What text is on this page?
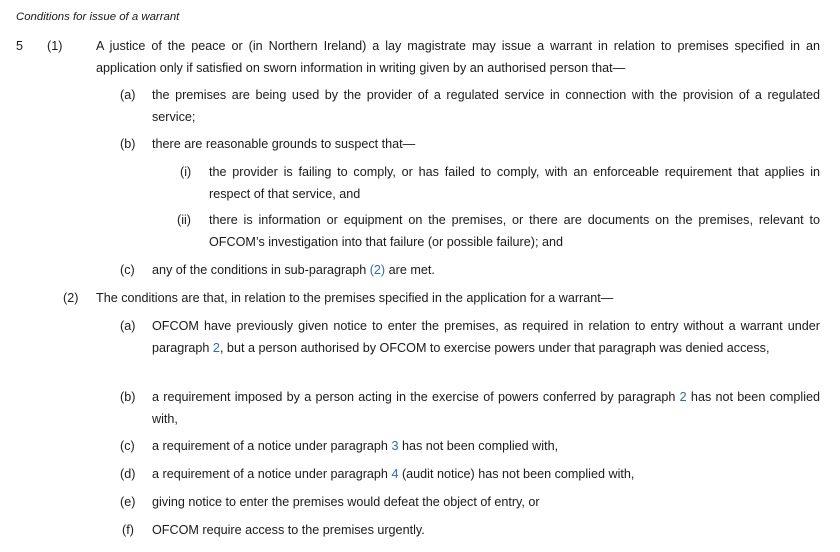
Conditions for issue of a warrant
5 (1)	A justice of the peace or (in Northern Ireland) a lay magistrate may issue a warrant in relation to premises specified in an application only if satisfied on sworn information in writing given by an authorised person that—
(a) the premises are being used by the provider of a regulated service in connection with the provision of a regulated service;
(b) there are reasonable grounds to suspect that—
(i) the provider is failing to comply, or has failed to comply, with an enforceable requirement that applies in respect of that service, and
(ii) there is information or equipment on the premises, or there are documents on the premises, relevant to OFCOM’s investigation into that failure (or possible failure); and
(c) any of the conditions in sub-paragraph (2) are met.
(2) The conditions are that, in relation to the premises specified in the application for a warrant—
(a) OFCOM have previously given notice to enter the premises, as required in relation to entry without a warrant under paragraph 2, but a person authorised by OFCOM to exercise powers under that paragraph was denied access,
(b) a requirement imposed by a person acting in the exercise of powers conferred by paragraph 2 has not been complied with,
(c) a requirement of a notice under paragraph 3 has not been complied with,
(d) a requirement of a notice under paragraph 4 (audit notice) has not been complied with,
(e) giving notice to enter the premises would defeat the object of entry, or
(f) OFCOM require access to the premises urgently.
